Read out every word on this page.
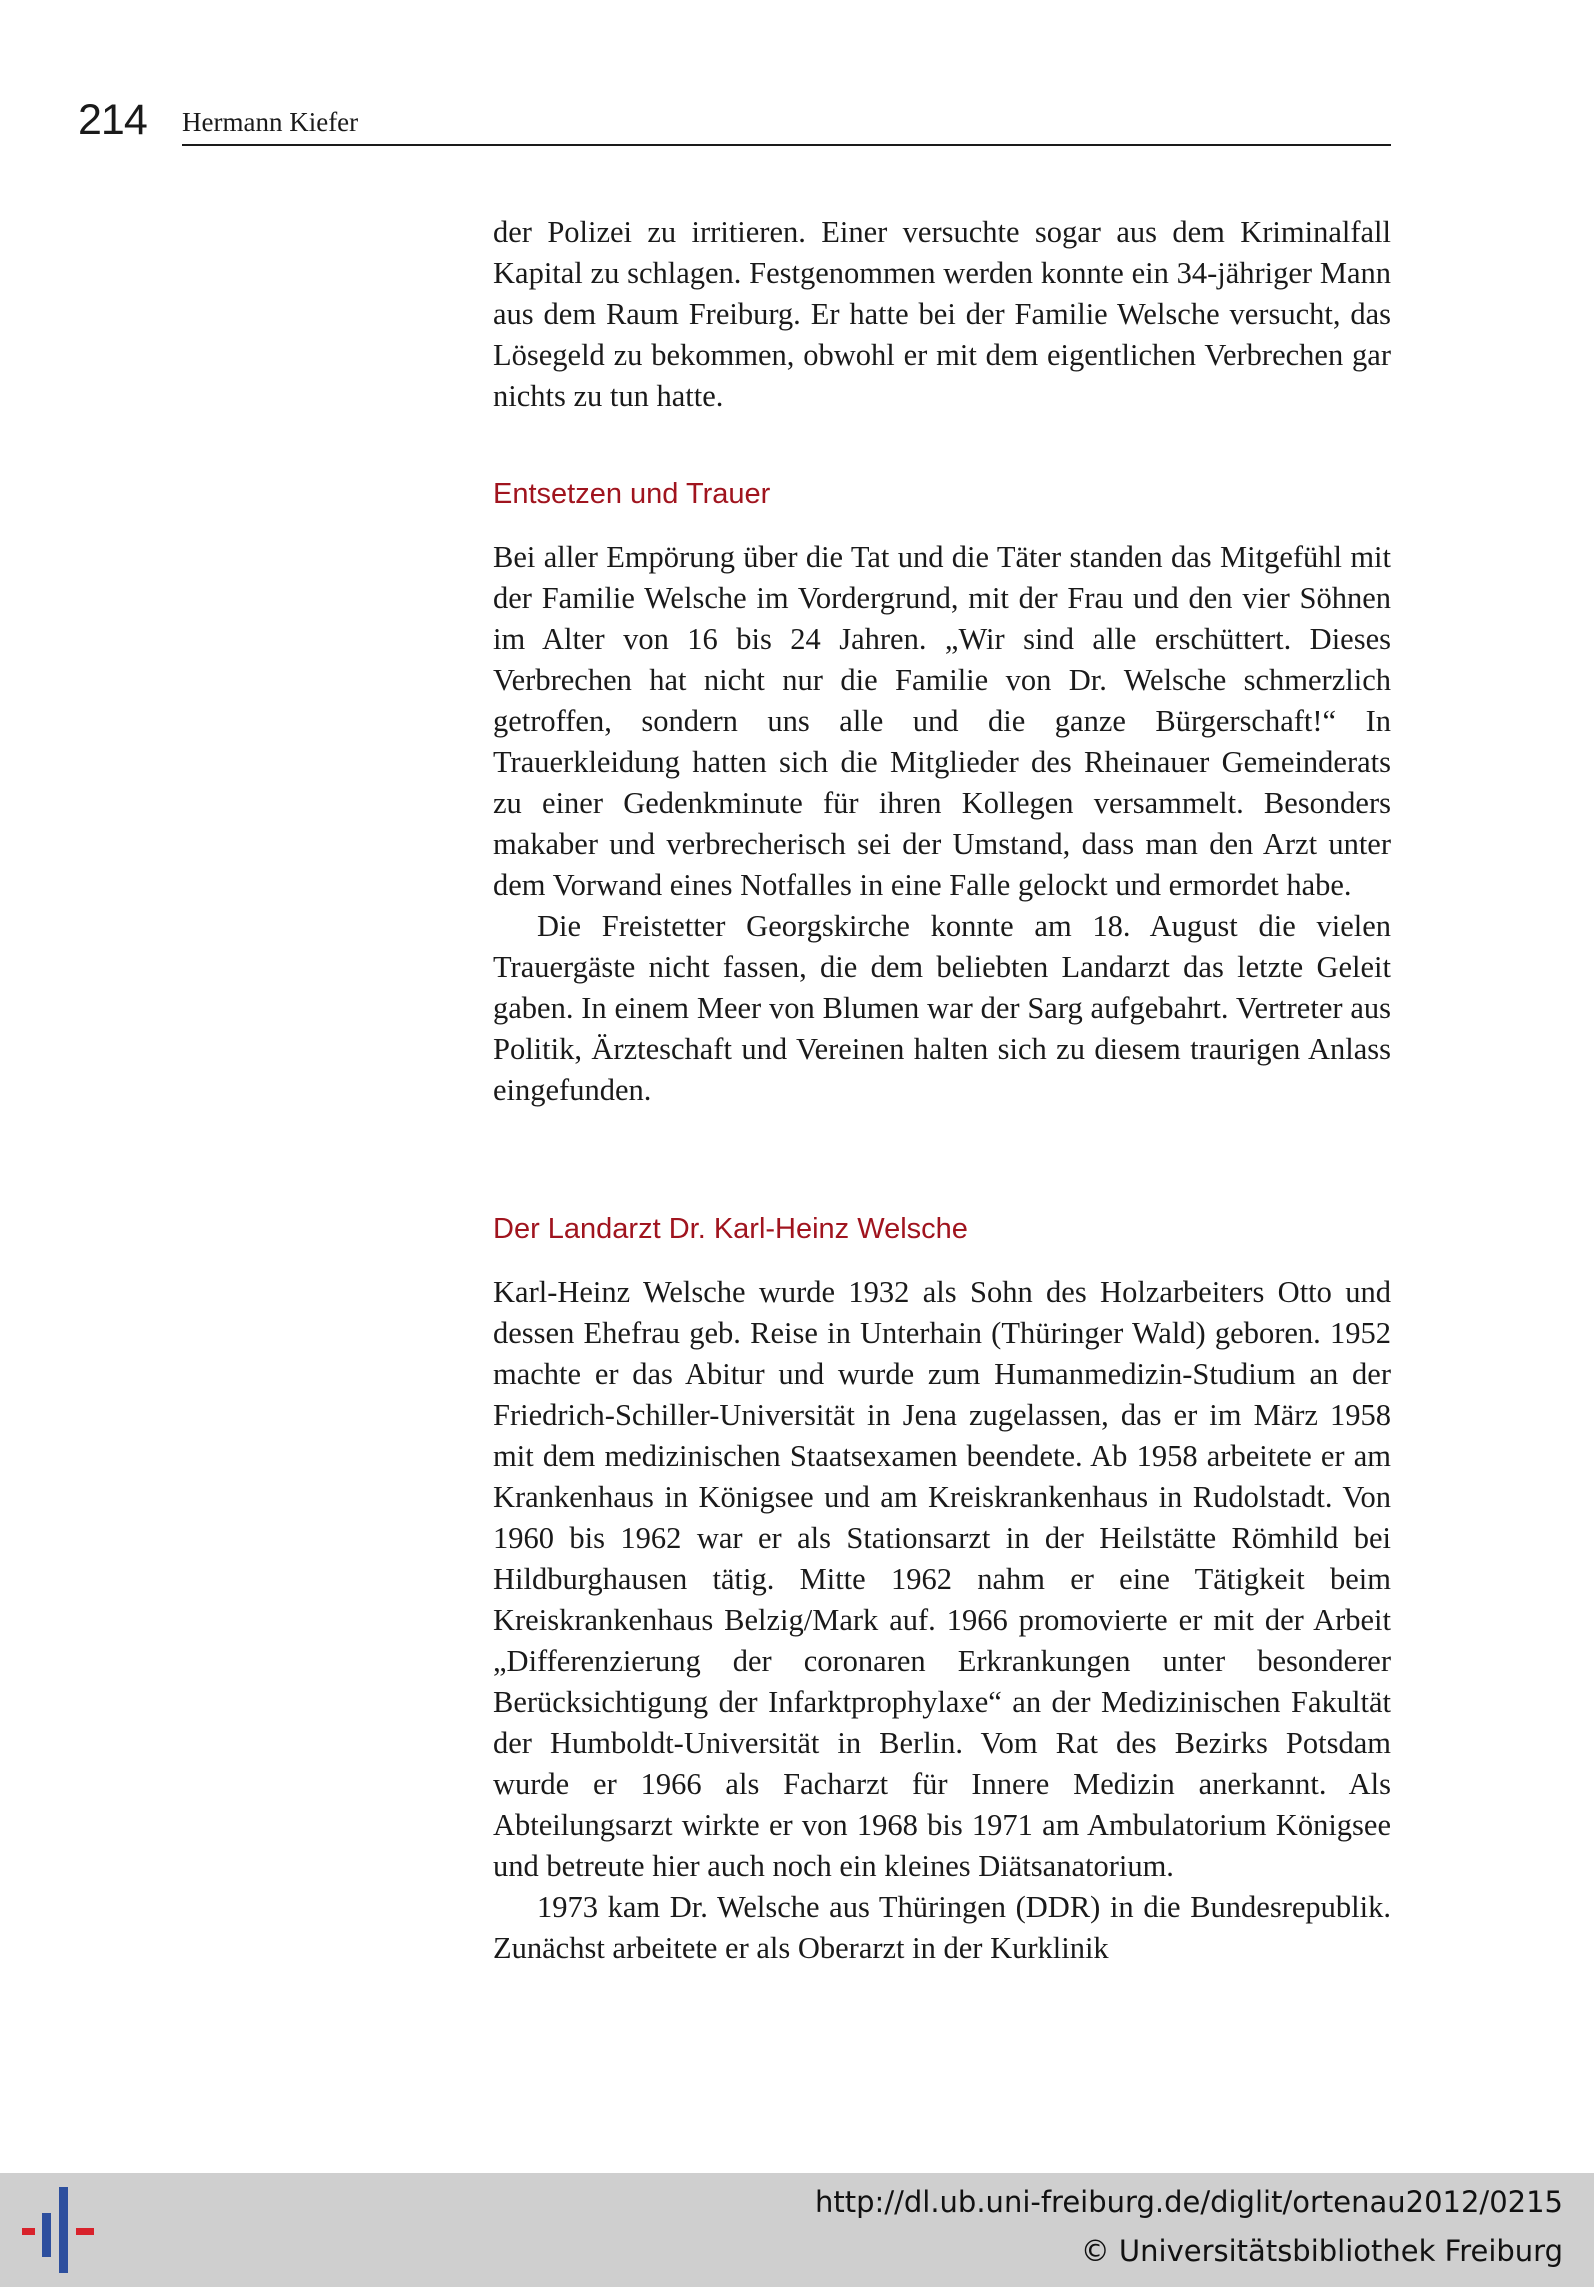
214 Hermann Kiefer

der Polizei zu irritieren. Einer versuchte sogar aus dem Kriminalfall Kapital zu schlagen. Festgenommen werden konnte ein 34-jähriger Mann aus dem Raum Freiburg. Er hatte bei der Familie Welsche versucht, das Lösegeld zu bekommen, obwohl er mit dem eigentlichen Verbrechen gar nichts zu tun hatte.

Entsetzen und Trauer

Bei aller Empörung über die Tat und die Täter standen das Mitgefühl mit der Familie Welsche im Vordergrund, mit der Frau und den vier Söhnen im Alter von 16 bis 24 Jahren. „Wir sind alle erschüttert. Dieses Verbrechen hat nicht nur die Familie von Dr. Welsche schmerzlich getroffen, sondern uns alle und die ganze Bürgerschaft!“ In Trauerkleidung hatten sich die Mitglieder des Rheinauer Gemeinderats zu einer Gedenkminute für ihren Kollegen versammelt. Besonders makaber und verbrecherisch sei der Umstand, dass man den Arzt unter dem Vorwand eines Notfalles in eine Falle gelockt und ermordet habe.

Die Freistetter Georgskirche konnte am 18. August die vielen Trauergäste nicht fassen, die dem beliebten Landarzt das letzte Geleit gaben. In einem Meer von Blumen war der Sarg aufgebahrt. Vertreter aus Politik, Ärzteschaft und Vereinen halten sich zu diesem traurigen Anlass eingefunden.

Der Landarzt Dr. Karl-Heinz Welsche

Karl-Heinz Welsche wurde 1932 als Sohn des Holzarbeiters Otto und dessen Ehefrau geb. Reise in Unterhain (Thüringer Wald) geboren. 1952 machte er das Abitur und wurde zum Humanmedizin-Studium an der Friedrich-Schiller-Universität in Jena zugelassen, das er im März 1958 mit dem medizinischen Staatsexamen beendete. Ab 1958 arbeitete er am Krankenhaus in Königsee und am Kreiskrankenhaus in Rudolstadt. Von 1960 bis 1962 war er als Stationsarzt in der Heilstätte Römhild bei Hildburghausen tätig. Mitte 1962 nahm er eine Tätigkeit beim Kreiskrankenhaus Belzig/Mark auf. 1966 promovierte er mit der Arbeit „Differenzierung der coronaren Erkrankungen unter besonderer Berücksichtigung der Infarktprophylaxe“ an der Medizinischen Fakultät der Humboldt-Universität in Berlin. Vom Rat des Bezirks Potsdam wurde er 1966 als Facharzt für Innere Medizin anerkannt. Als Abteilungsarzt wirkte er von 1968 bis 1971 am Ambulatorium Königsee und betreute hier auch noch ein kleines Diätsanatorium.

1973 kam Dr. Welsche aus Thüringen (DDR) in die Bundesrepublik. Zunächst arbeitete er als Oberarzt in der Kurklinik

http://dl.ub.uni-freiburg.de/diglit/ortenau2012/0215
© Universitätsbibliothek Freiburg
